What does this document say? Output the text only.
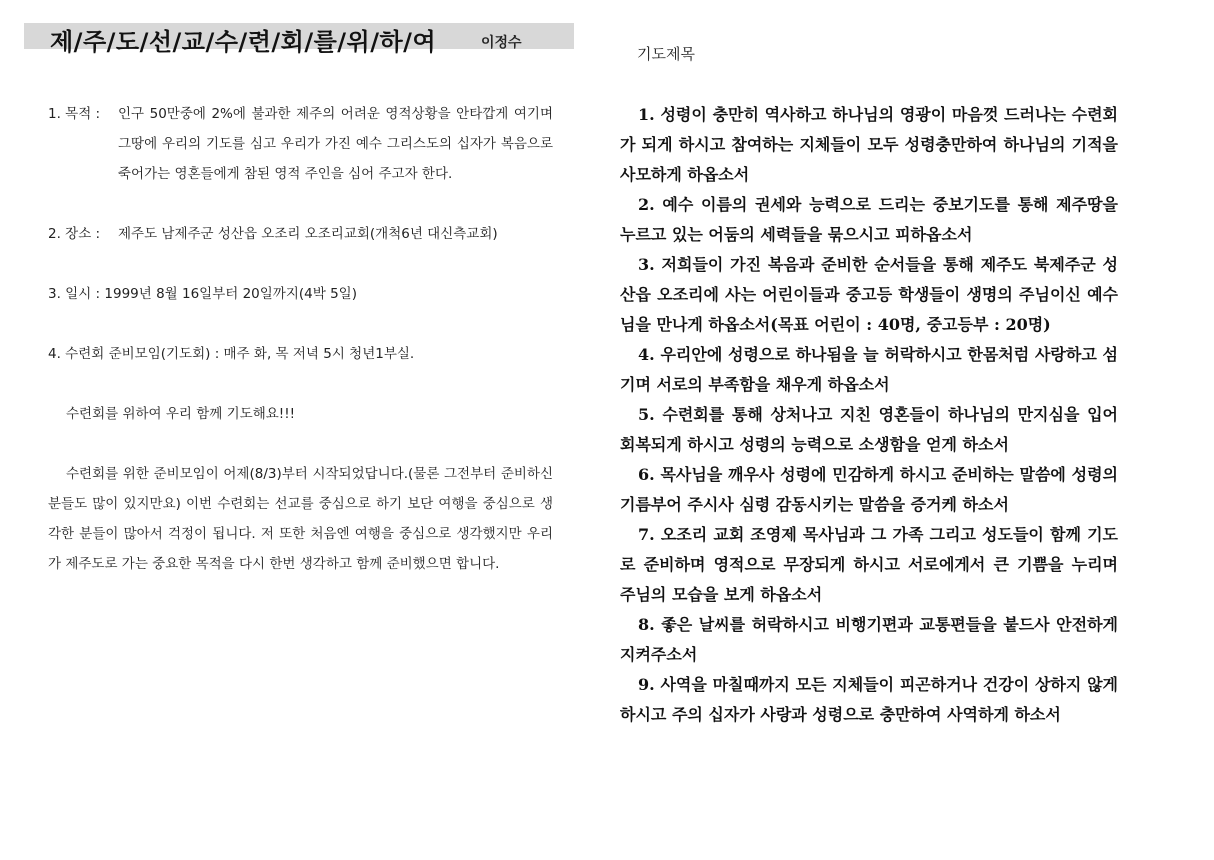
제/주/도/선/교/수/련/회/를/위/하/여	이정수
1. 목적 : 인구 50만중에 2%에 불과한 제주의 어려운 영적상황을 안타깝게 여기며 그땅에 우리의 기도를 심고 우리가 가진 예수 그리스도의 십자가 복음으로 죽어가는 영혼들에게 참된 영적 주인을 심어 주고자 한다.
2. 장소 : 제주도 남제주군 성산읍 오조리 오조리교회(개척6년 대신측교회)
3. 일시 : 1999년 8월 16일부터 20일까지(4박 5일)
4. 수련회 준비모임(기도회) : 매주 화, 목 저녁 5시 청년1부실.
수련회를 위하여 우리 함께 기도해요!!!
수련회를 위한 준비모임이 어제(8/3)부터 시작되었답니다.(물론 그전부터 준비하신 분들도 많이 있지만요) 이번 수련회는 선교를 중심으로 하기 보단 여행을 중심으로 생각한 분들이 많아서 걱정이 됩니다. 저 또한 처음엔 여행을 중심으로 생각했지만 우리가 제주도로 가는 중요한 목적을 다시 한번 생각하고 함께 준비했으면 합니다.
기도제목

1. 성령이 충만히 역사하고 하나님의 영광이 마음껏 드러나는 수련회가 되게 하시고 참여하는 지체들이 모두 성령충만하여 하나님의 기적을 사모하게 하옵소서

2. 예수 이름의 권세와 능력으로 드리는 중보기도를 통해 제주땅을 누르고 있는 어둠의 세력들을 묶으시고 피하옵소서

3. 저희들이 가진 복음과 준비한 순서들을 통해 제주도 북제주군 성산읍 오조리에 사는 어린이들과 중고등 학생들이 생명의 주님이신 예수님을 만나게 하옵소서(목표 어린이 : 40명, 중고등부 : 20명)

4. 우리안에 성령으로 하나됨을 늘 허락하시고 한몸처럼 사랑하고 섬기며 서로의 부족함을 채우게 하옵소서

5. 수련회를 통해 상처나고 지친 영혼들이 하나님의 만지심을 입어 회복되게 하시고 성령의 능력으로 소생함을 얻게 하소서

6. 목사님을 깨우사 성령에 민감하게 하시고 준비하는 말씀에 성령의 기름부어 주시사 심령 감동시키는 말씀을 증거케 하소서

7. 오조리 교회 조영제 목사님과 그 가족 그리고 성도들이 함께 기도로 준비하며 영적으로 무장되게 하시고 서로에게서 큰 기쁨을 누리며 주님의 모습을 보게 하옵소서

8. 좋은 날씨를 허락하시고 비행기편과 교통편들을 붙드사 안전하게 지켜주소서

9. 사역을 마칠때까지 모든 지체들이 피곤하거나 건강이 상하지 않게 하시고 주의 십자가 사랑과 성령으로 충만하여 사역하게 하소서
